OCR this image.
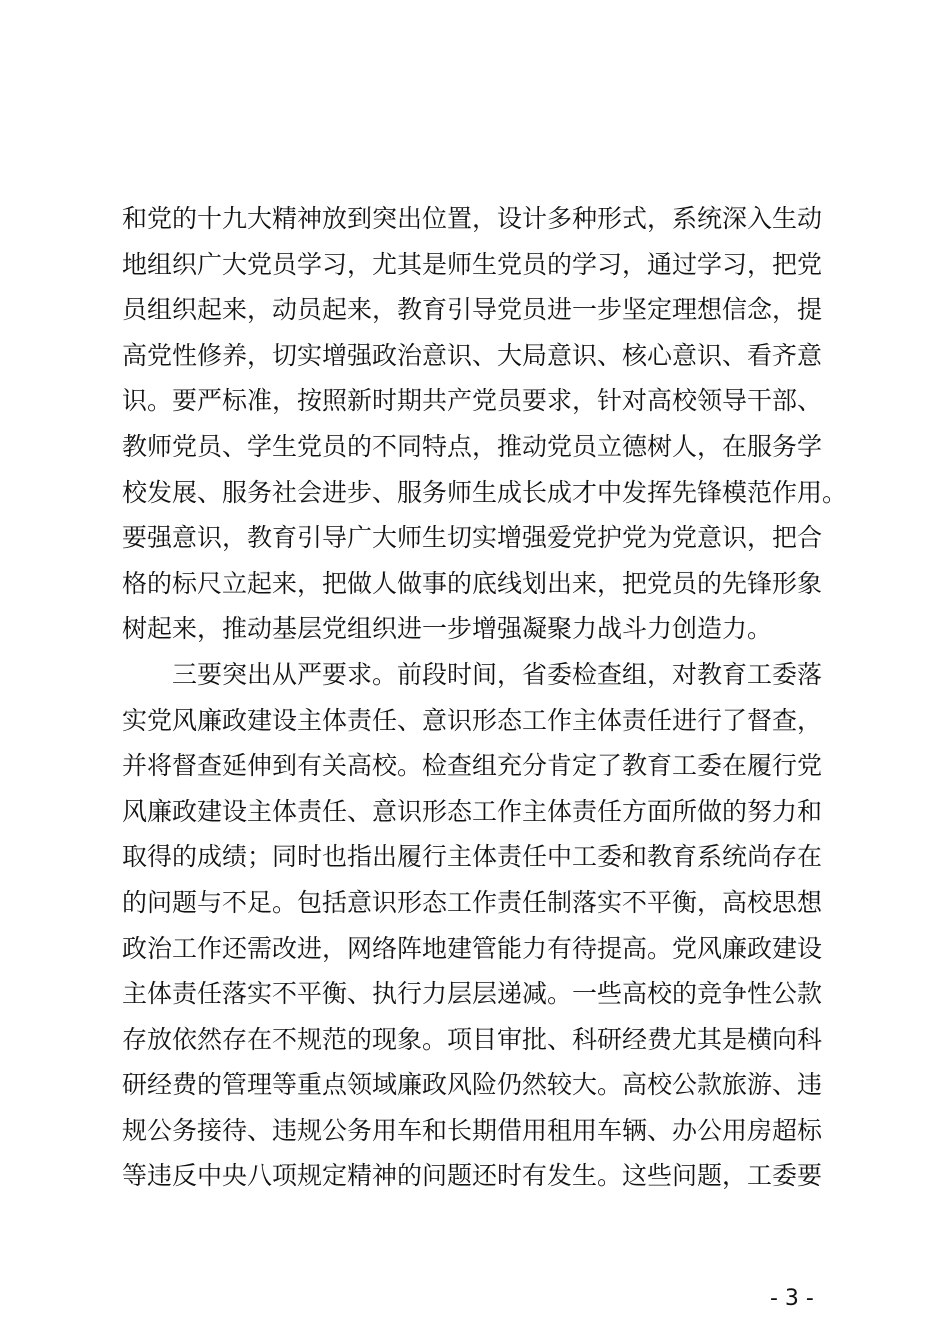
和党的十九大精神放到突出位置，设计多种形式，系统深入生动
地组织广大党员学习，尤其是师生党员的学习，通过学习，把党
员组织起来，动员起来，教育引导党员进一步坚定理想信念，提
高党性修养，切实增强政治意识、大局意识、核心意识、看齐意
识。要严标准，按照新时期共产党员要求，针对高校领导干部、
教师党员、学生党员的不同特点，推动党员立德树人，在服务学
校发展、服务社会进步、服务师生成长成才中发挥先锋模范作用。
要强意识，教育引导广大师生切实增强爱党护党为党意识，把合
格的标尺立起来，把做人做事的底线划出来，把党员的先锋形象
树起来，推动基层党组织进一步增强凝聚力战斗力创造力。
　　三要突出从严要求。前段时间，省委检查组，对教育工委落
实党风廉政建设主体责任、意识形态工作主体责任进行了督查，
并将督查延伸到有关高校。检查组充分肯定了教育工委在履行党
风廉政建设主体责任、意识形态工作主体责任方面所做的努力和
取得的成绩；同时也指出履行主体责任中工委和教育系统尚存在
的问题与不足。包括意识形态工作责任制落实不平衡，高校思想
政治工作还需改进，网络阵地建管能力有待提高。党风廉政建设
主体责任落实不平衡、执行力层层递减。一些高校的竞争性公款
存放依然存在不规范的现象。项目审批、科研经费尤其是横向科
研经费的管理等重点领域廉政风险仍然较大。高校公款旅游、违
规公务接待、违规公务用车和长期借用租用车辆、办公用房超标
等违反中央八项规定精神的问题还时有发生。这些问题，工委要
- 3 -
